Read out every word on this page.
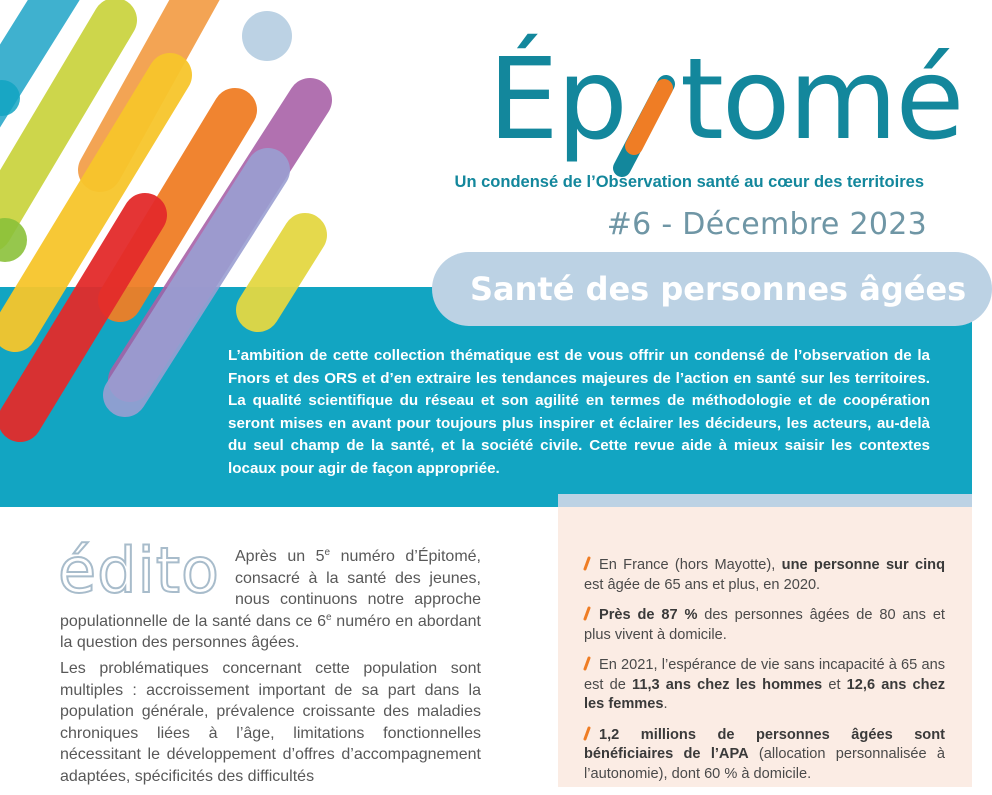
Ép tomé
Un condensé de l’Observation santé au cœur des territoires
#6 - Décembre 2023
Santé des personnes âgées

L’ambition de cette collection thématique est de vous offrir un condensé de l’observation de la Fnors et des ORS et d’en extraire les tendances majeures de l’action en santé sur les territoires. La qualité scientifique du réseau et son agilité en termes de méthodologie et de coopération seront mises en avant pour toujours plus inspirer et éclairer les décideurs, les acteurs, au-delà du seul champ de la santé, et la société civile. Cette revue aide à mieux saisir les contextes locaux pour agir de façon appropriée.

édito Après un 5e numéro d’Épitomé, consacré à la santé des jeunes, nous continuons notre approche populationnelle de la santé dans ce 6e numéro en abordant la question des personnes âgées.

Les problématiques concernant cette population sont multiples : accroissement important de sa part dans la population générale, prévalence croissante des maladies chroniques liées à l’âge, limitations fonctionnelles nécessitant le développement d’offres d’accompagnement adaptées, spécificités des difficultés

En France (hors Mayotte), une personne sur cinq est âgée de 65 ans et plus, en 2020.

Près de 87 % des personnes âgées de 80 ans et plus vivent à domicile.

En 2021, l’espérance de vie sans incapacité à 65 ans est de 11,3 ans chez les hommes et 12,6 ans chez les femmes.

1,2 millions de personnes âgées sont bénéficiaires de l’APA (allocation personnalisée à l’autonomie), dont 60 % à domicile.
